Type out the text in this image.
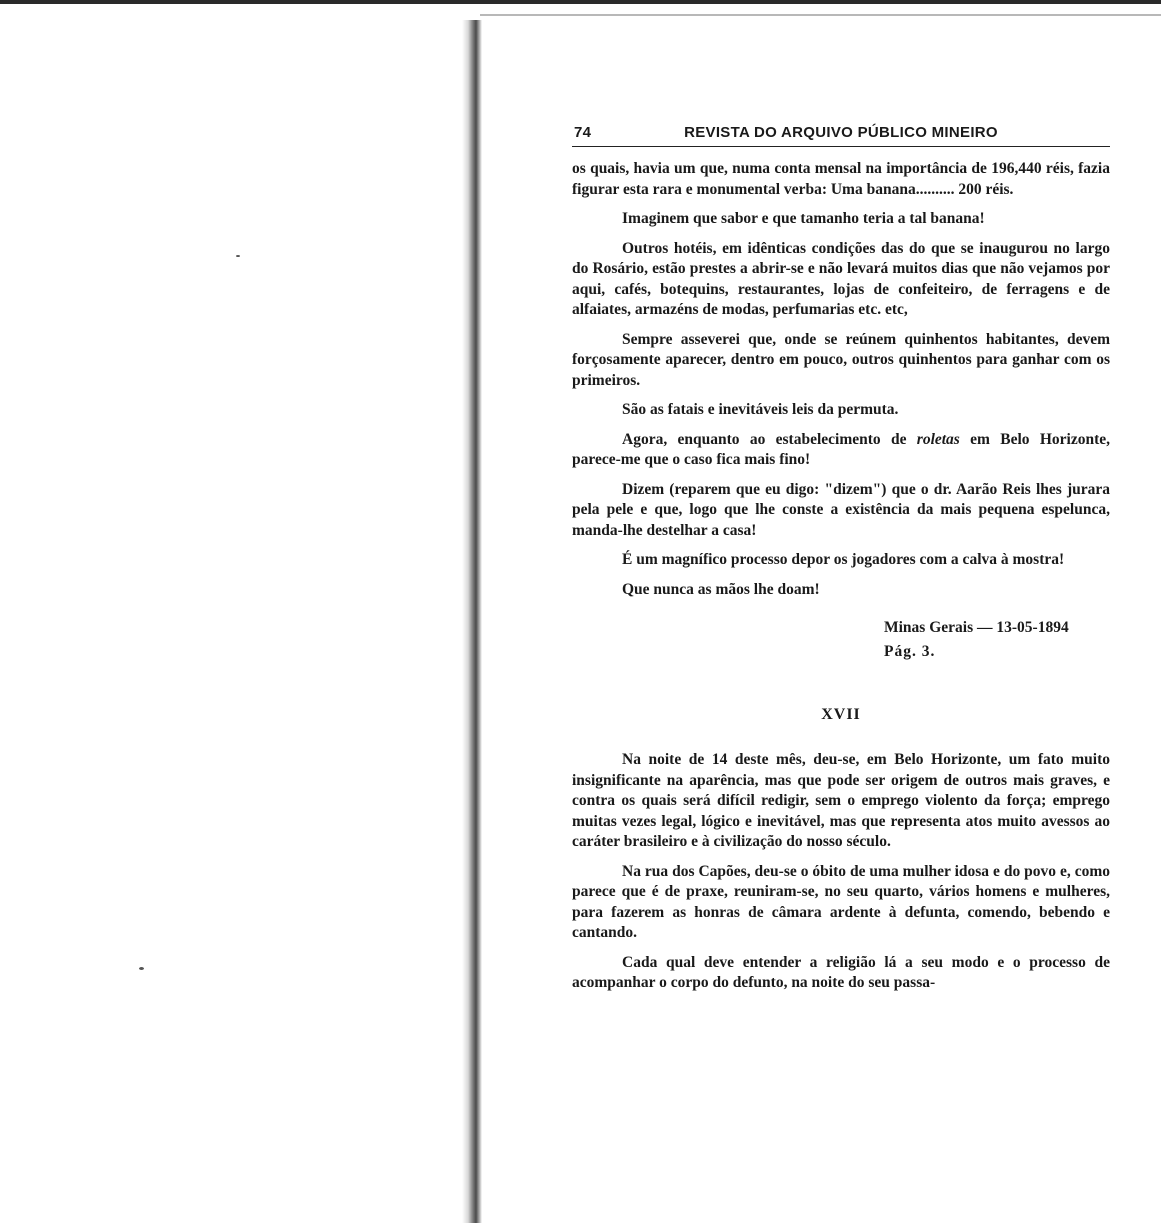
74	REVISTA DO ARQUIVO PÚBLICO MINEIRO

os quais, havia um que, numa conta mensal na importância de 196,440 réis, fazia figurar esta rara e monumental verba: Uma banana.......... 200 réis.

Imaginem que sabor e que tamanho teria a tal banana!

Outros hotéis, em idênticas condições das do que se inaugurou no largo do Rosário, estão prestes a abrir-se e não levará muitos dias que não vejamos por aqui, cafés, botequins, restaurantes, lojas de confeiteiro, de ferragens e de alfaiates, armazéns de modas, perfumarias etc. etc,

Sempre asseverei que, onde se reúnem quinhentos habitantes, devem forçosamente aparecer, dentro em pouco, outros quinhentos para ganhar com os primeiros.

São as fatais e inevitáveis leis da permuta.

Agora, enquanto ao estabelecimento de roletas em Belo Horizonte, parece-me que o caso fica mais fino!

Dizem (reparem que eu digo: "dizem") que o dr. Aarão Reis lhes jurara pela pele e que, logo que lhe conste a existência da mais pequena espelunca, manda-lhe destelhar a casa!

É um magnífico processo depor os jogadores com a calva à mostra!

Que nunca as mãos lhe doam!

Minas Gerais — 13-05-1894
Pág. 3.
XVII

Na noite de 14 deste mês, deu-se, em Belo Horizonte, um fato muito insignificante na aparência, mas que pode ser origem de outros mais graves, e contra os quais será difícil redigir, sem o emprego violento da força; emprego muitas vezes legal, lógico e inevitável, mas que representa atos muito avessos ao caráter brasileiro e à civilização do nosso século.

Na rua dos Capões, deu-se o óbito de uma mulher idosa e do povo e, como parece que é de praxe, reuniram-se, no seu quarto, vários homens e mulheres, para fazerem as honras de câmara ardente à defunta, comendo, bebendo e cantando.

Cada qual deve entender a religião lá a seu modo e o processo de acompanhar o corpo do defunto, na noite do seu passa-
